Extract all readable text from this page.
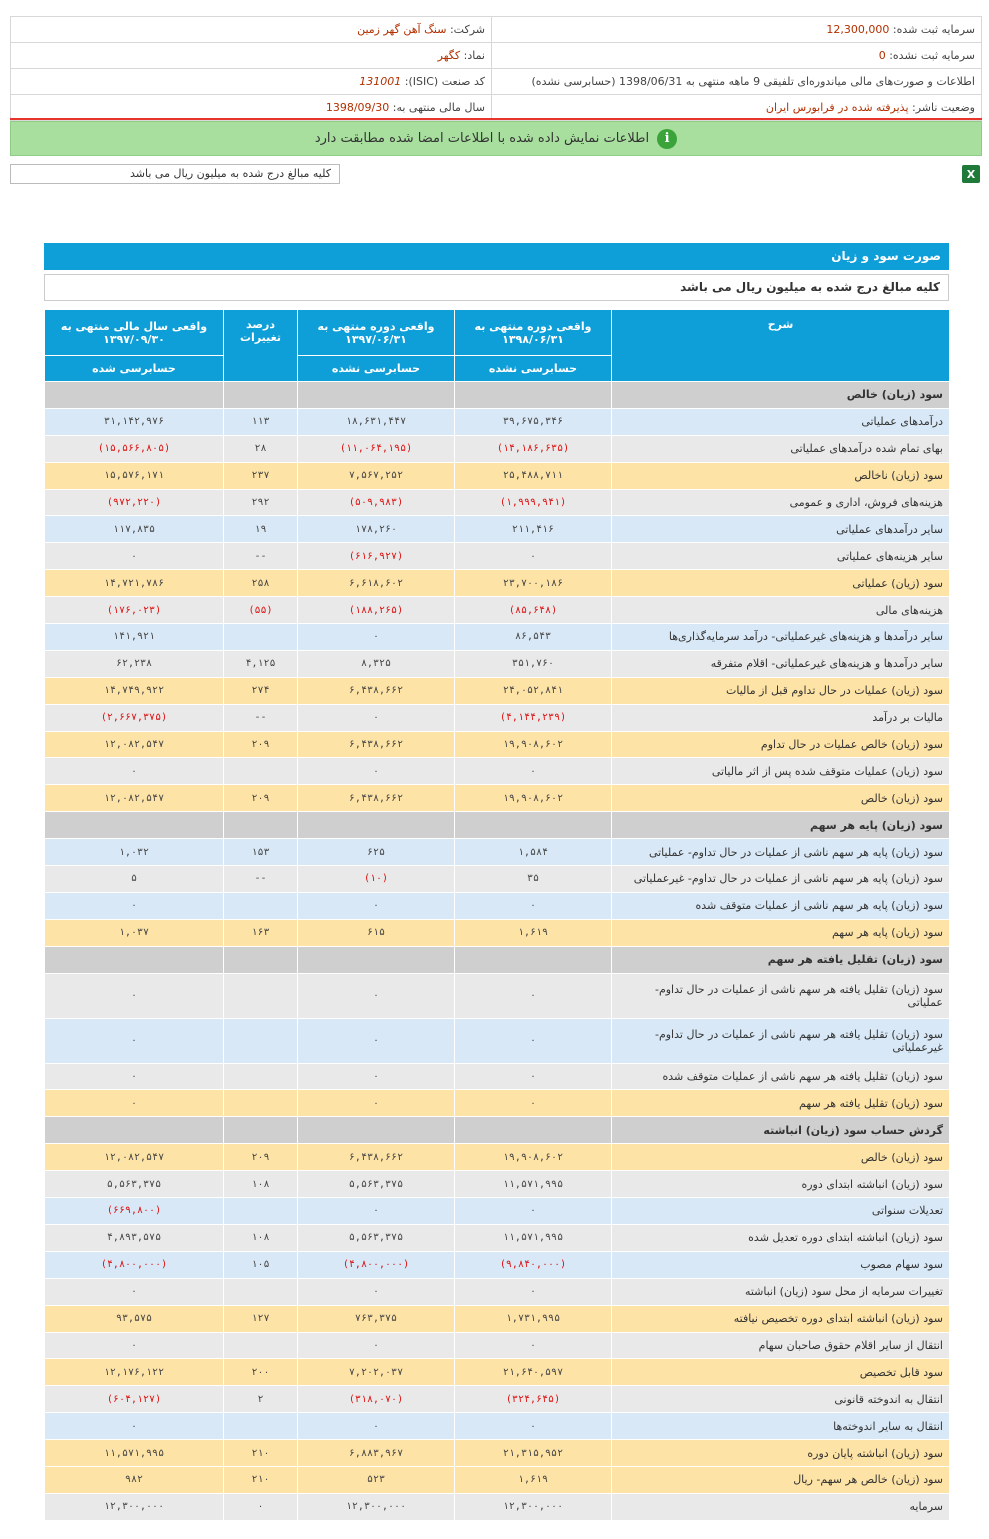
شرکت: سنگ آهن گهر زمین	سرمایه ثبت شده: 12,300,000
نماد: کگهر	سرمایه ثبت نشده: 0
کد صنعت (ISIC): 131001	اطلاعات و صورت‌های مالی میاندوره‌ای تلفیقی 9 ماهه منتهی به 1398/06/31 (حسابرسی نشده)
سال مالی منتهی به: 1398/09/30	وضعیت ناشر: پذیرفته شده در فرابورس ایران
i
اطلاعات نمایش داده شده با اطلاعات امضا شده مطابقت دارد
کلیه مبالغ درج شده به میلیون ریال می باشد	X
صورت سود و زیان
کلیه مبالغ درج شده به میلیون ریال می باشد
شرح	واقعی دوره منتهی به ۱۳۹۸/۰۶/۳۱	واقعی دوره منتهی به ۱۳۹۷/۰۶/۳۱	درصد تغییرات	واقعی سال مالی منتهی به ۱۳۹۷/۰۹/۳۰
	حسابرسی نشده	حسابرسی نشده		حسابرسی شده
سود (زیان) خالص				
درآمدهای عملیاتی	۳۹,۶۷۵,۳۴۶	۱۸,۶۳۱,۴۴۷	۱۱۳	۳۱,۱۴۲,۹۷۶
بهای تمام شده درآمدهای عملیاتی	(۱۴,۱۸۶,۶۳۵)	(۱۱,۰۶۴,۱۹۵)	۲۸	(۱۵,۵۶۶,۸۰۵)
سود (زیان) ناخالص	۲۵,۴۸۸,۷۱۱	۷,۵۶۷,۲۵۲	۲۳۷	۱۵,۵۷۶,۱۷۱
هزینه‌های فروش، اداری و عمومی	(۱,۹۹۹,۹۴۱)	(۵۰۹,۹۸۳)	۲۹۲	(۹۷۲,۲۲۰)
سایر درآمدهای عملیاتی	۲۱۱,۴۱۶	۱۷۸,۲۶۰	۱۹	۱۱۷,۸۳۵
سایر هزینه‌های عملیاتی	۰	(۶۱۶,۹۲۷)	--	۰
سود (زیان) عملیاتی	۲۳,۷۰۰,۱۸۶	۶,۶۱۸,۶۰۲	۲۵۸	۱۴,۷۲۱,۷۸۶
هزینه‌های مالی	(۸۵,۶۴۸)	(۱۸۸,۲۶۵)	(۵۵)	(۱۷۶,۰۲۳)
سایر درآمدها و هزینه‌های غیرعملیاتی- درآمد سرمایه‌گذاری‌ها	۸۶,۵۴۳	۰		۱۴۱,۹۲۱
سایر درآمدها و هزینه‌های غیرعملیاتی- اقلام متفرقه	۳۵۱,۷۶۰	۸,۳۲۵	۴,۱۲۵	۶۲,۲۳۸
سود (زیان) عملیات در حال تداوم قبل از مالیات	۲۴,۰۵۲,۸۴۱	۶,۴۳۸,۶۶۲	۲۷۴	۱۴,۷۴۹,۹۲۲
مالیات بر درآمد	(۴,۱۴۴,۲۳۹)	۰	--	(۲,۶۶۷,۳۷۵)
سود (زیان) خالص عملیات در حال تداوم	۱۹,۹۰۸,۶۰۲	۶,۴۳۸,۶۶۲	۲۰۹	۱۲,۰۸۲,۵۴۷
سود (زیان) عملیات متوقف شده پس از اثر مالیاتی	۰	۰		۰
سود (زیان) خالص	۱۹,۹۰۸,۶۰۲	۶,۴۳۸,۶۶۲	۲۰۹	۱۲,۰۸۲,۵۴۷
سود (زیان) پایه هر سهم				
سود (زیان) پایه هر سهم ناشی از عملیات در حال تداوم- عملیاتی	۱,۵۸۴	۶۲۵	۱۵۳	۱,۰۳۲
سود (زیان) پایه هر سهم ناشی از عملیات در حال تداوم- غیرعملیاتی	۳۵	(۱۰)	--	۵
سود (زیان) پایه هر سهم ناشی از عملیات متوقف شده	۰	۰		۰
سود (زیان) پایه هر سهم	۱,۶۱۹	۶۱۵	۱۶۳	۱,۰۳۷
سود (زیان) تقلیل یافته هر سهم				
سود (زیان) تقلیل یافته هر سهم ناشی از عملیات در حال تداوم- عملیاتی	۰	۰		۰
سود (زیان) تقلیل یافته هر سهم ناشی از عملیات در حال تداوم- غیرعملیاتی	۰	۰		۰
سود (زیان) تقلیل یافته هر سهم ناشی از عملیات متوقف شده	۰	۰		۰
سود (زیان) تقلیل یافته هر سهم	۰	۰		۰
گردش حساب سود (زیان) انباشته				
سود (زیان) خالص	۱۹,۹۰۸,۶۰۲	۶,۴۳۸,۶۶۲	۲۰۹	۱۲,۰۸۲,۵۴۷
سود (زیان) انباشته ابتدای دوره	۱۱,۵۷۱,۹۹۵	۵,۵۶۳,۳۷۵	۱۰۸	۵,۵۶۳,۳۷۵
تعدیلات سنواتی	۰	۰		(۶۶۹,۸۰۰)
سود (زیان) انباشته ابتدای دوره تعدیل شده	۱۱,۵۷۱,۹۹۵	۵,۵۶۳,۳۷۵	۱۰۸	۴,۸۹۳,۵۷۵
سود سهام مصوب	(۹,۸۴۰,۰۰۰)	(۴,۸۰۰,۰۰۰)	۱۰۵	(۴,۸۰۰,۰۰۰)
تغییرات سرمایه از محل سود (زیان) انباشته	۰	۰		۰
سود (زیان) انباشته ابتدای دوره تخصیص نیافته	۱,۷۳۱,۹۹۵	۷۶۳,۳۷۵	۱۲۷	۹۳,۵۷۵
انتقال از سایر اقلام حقوق صاحبان سهام	۰	۰		۰
سود قابل تخصیص	۲۱,۶۴۰,۵۹۷	۷,۲۰۲,۰۳۷	۲۰۰	۱۲,۱۷۶,۱۲۲
انتقال به اندوخته قانونی	(۳۲۴,۶۴۵)	(۳۱۸,۰۷۰)	۲	(۶۰۴,۱۲۷)
انتقال به سایر اندوخته‌ها	۰	۰		۰
سود (زیان) انباشته پایان دوره	۲۱,۳۱۵,۹۵۲	۶,۸۸۳,۹۶۷	۲۱۰	۱۱,۵۷۱,۹۹۵
سود (زیان) خالص هر سهم- ریال	۱,۶۱۹	۵۲۳	۲۱۰	۹۸۲
سرمایه	۱۲,۳۰۰,۰۰۰	۱۲,۳۰۰,۰۰۰	۰	۱۲,۳۰۰,۰۰۰
